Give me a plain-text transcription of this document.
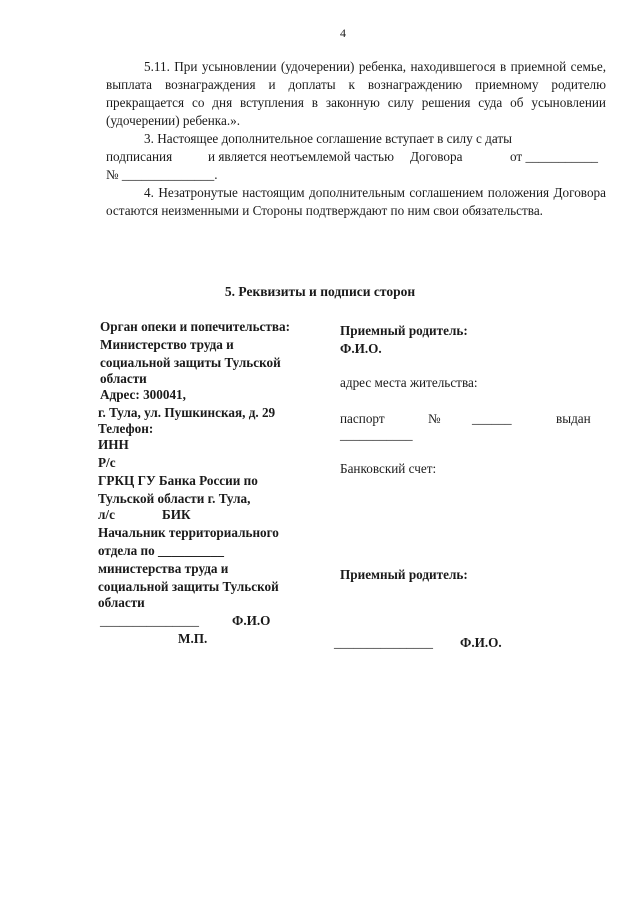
4

5.11. При усыновлении (удочерении) ребенка, находившегося в приемной семье, выплата вознаграждения и доплаты к вознаграждению приемному родителю прекращается со дня вступления в законную силу решения суда об усыновлении (удочерении) ребенка.».

3. Настоящее дополнительное соглашение вступает в силу с даты

подписания	и является неотъемлемой частью Договора	от ___________
№ ______________.

4. Незатронутые настоящим дополнительным соглашением положения Договора остаются неизменными и Стороны подтверждают по ним свои обязательства.

5. Реквизиты и подписи сторон
Орган опеки и попечительства:
Министерство труда и
социальной защиты Тульской
области
Адрес: 300041,
г. Тула, ул. Пушкинская, д. 29
Телефон:
ИНН
Р/с
ГРКЦ ГУ Банка России по
Тульской области г. Тула,
л/с	БИК
Начальник территориального
отдела по __________
министерства труда и
социальной защиты Тульской
области
_______________	Ф.И.О
М.П.
Приемный родитель:
Ф.И.О.
адрес места жительства:
паспорт	№ ______	выдан
___________
Банковский счет:
Приемный родитель:
_______________ Ф.И.О.
